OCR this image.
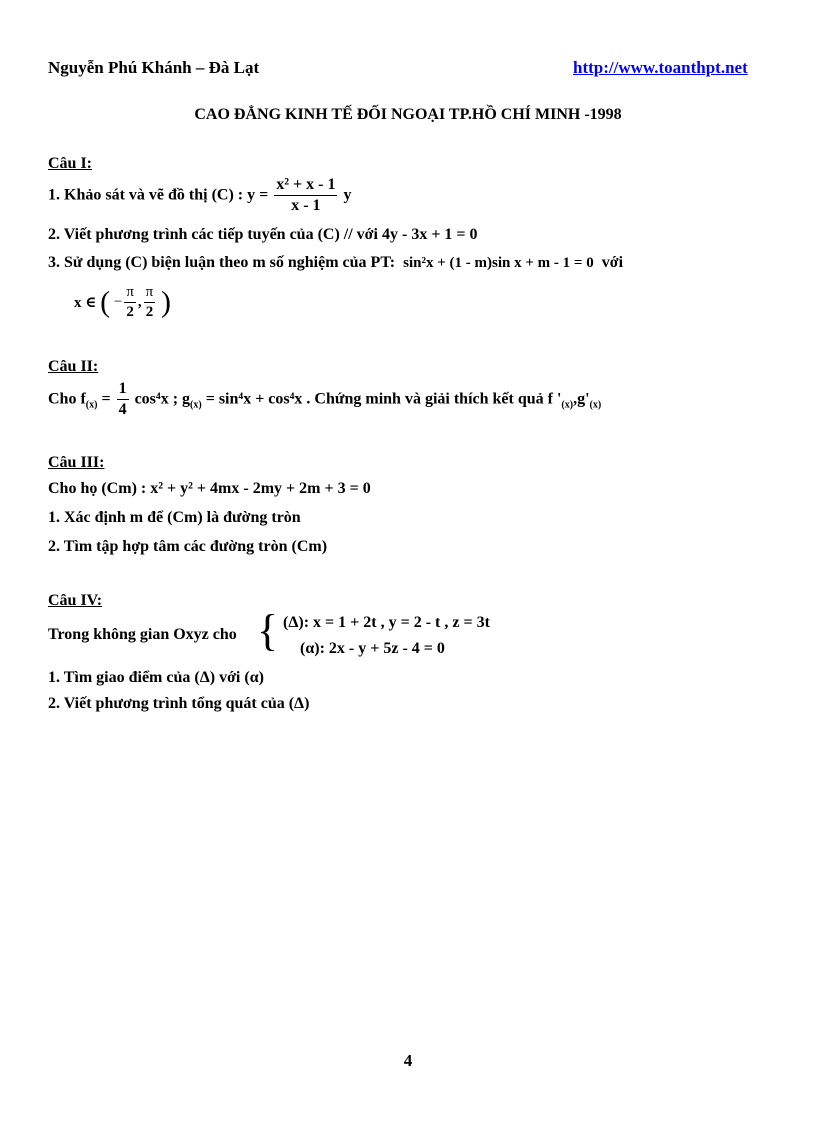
Nguyễn Phú Khánh – Đà Lạt	http://www.toanthpt.net
CAO ĐẲNG KINH TẾ ĐỐI NGOẠI TP.HỒ CHÍ MINH -1998
Câu I:
1. Khảo sát và vẽ đồ thị (C) : $y = \frac{\text{x² + x - 1}}{x - 1}$ y
2. Viết phương trình các tiếp tuyến của (C) // với 4y - 3x + 1 = 0
3. Sử dụng (C) biện luận theo m số nghiệm của PT: sin²x + (1 - m)sin x + m - 1 = 0 với
x ∈ ( − $\frac{\pi}{2}$ , $\frac{\pi}{2}$ )
Câu II:
Cho $f_{(x)} = \frac{1}{4} \cos^4x$ ; $g_{(x)} = \sin^4x + \cos^4x$ . Chứng minh và giải thích kết quả f '$_{(x)},g'_{(x)}$
Câu III:
Cho họ (Cm) : x² + y² + 4mx - 2my + 2m + 3 = 0
1. Xác định m để (Cm) là đường tròn
2. Tìm tập hợp tâm các đường tròn (Cm)
Câu IV:
Trong không gian Oxyz cho { (Δ): x = 1 + 2t , y = 2 - t , z = 3t
(α): 2x - y + 5z - 4 = 0
1. Tìm giao điểm của (Δ) với (α)
2. Viết phương trình tổng quát của (Δ)
4
